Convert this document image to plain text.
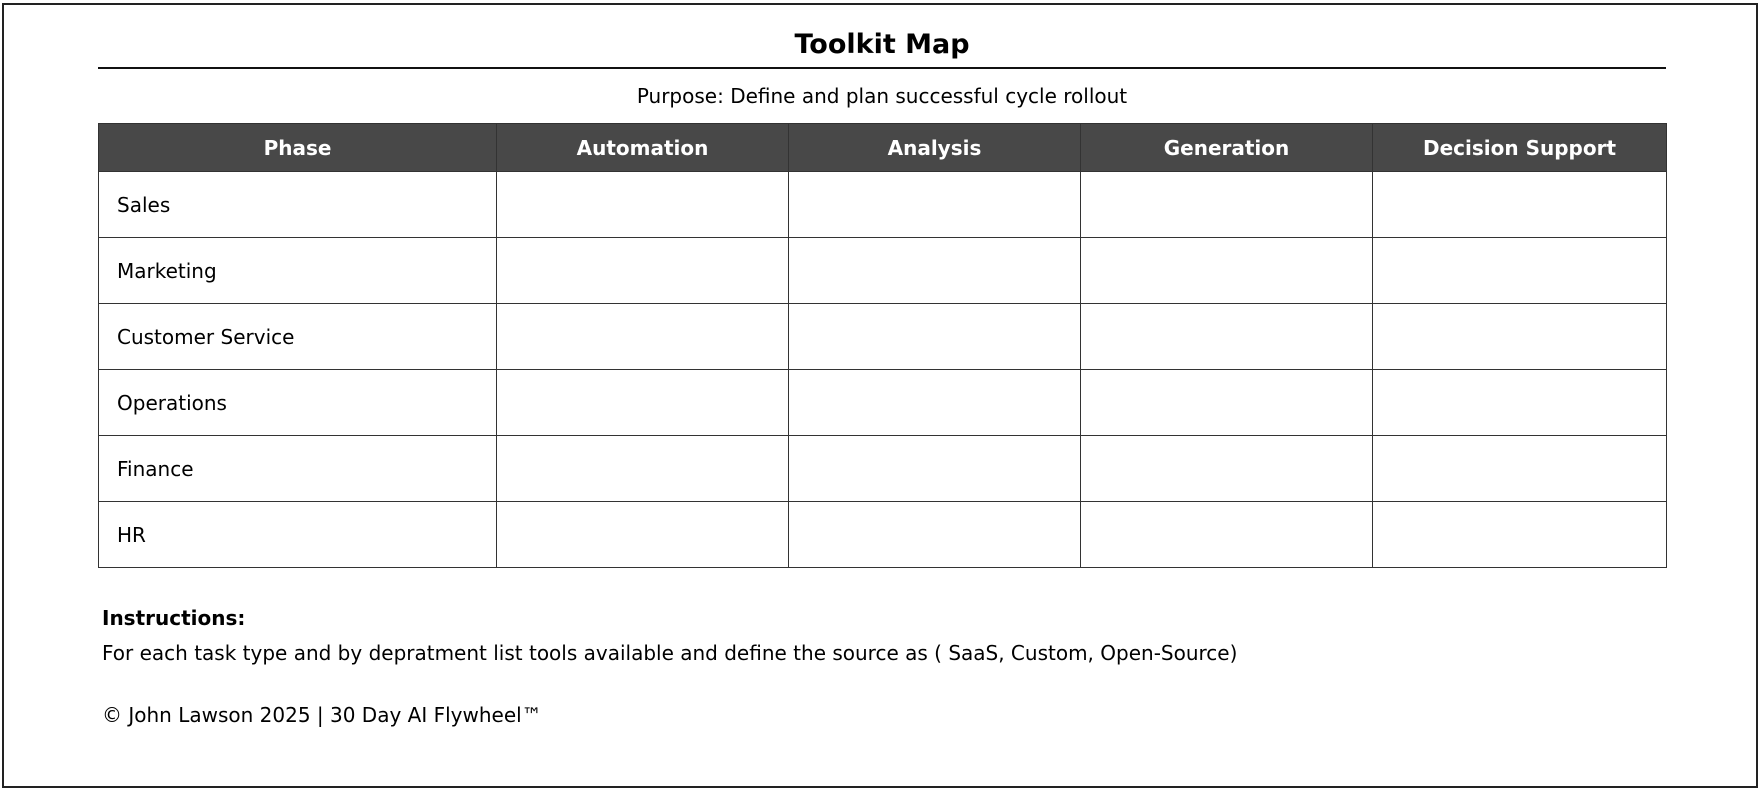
Toolkit Map
Purpose: Define and plan successful cycle rollout
Phase	Automation	Analysis	Generation	Decision Support
Sales				
Marketing				
Customer Service				
Operations				
Finance				
HR				
Instructions:
For each task type and by depratment list tools available and define the source as ( SaaS, Custom, Open-Source)
© John Lawson 2025 | 30 Day AI Flywheel™
